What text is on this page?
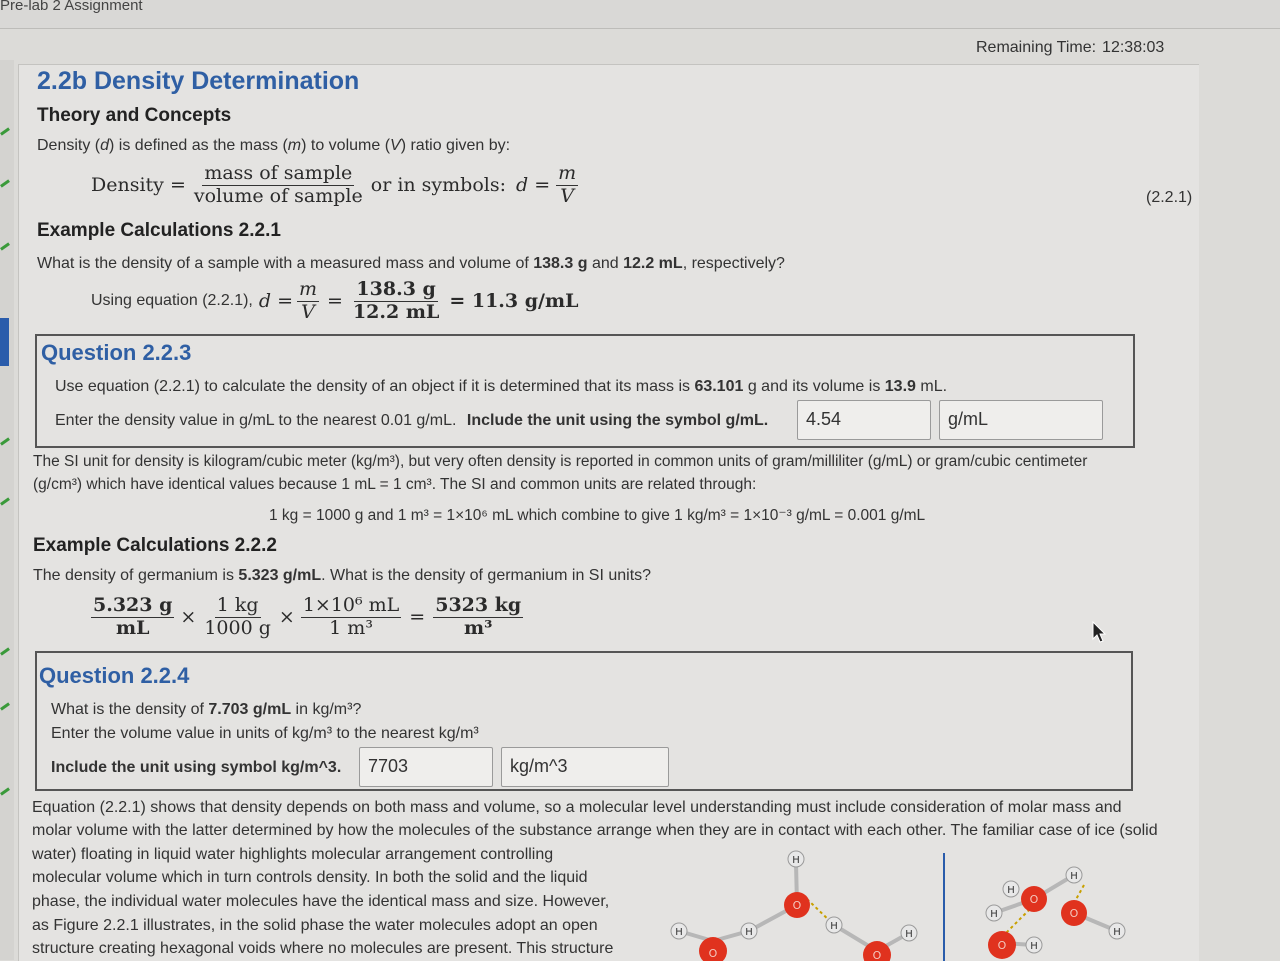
Pre-lab 2 Assignment
Remaining Time: 12:38:03
2.2b Density Determination
Theory and Concepts
Density (d) is defined as the mass (m) to volume (V) ratio given by:
Density = $\frac{\text{mass of sample}}{\text{volume of sample}}$ or in symbols: $d = \frac{m}{V}$	(2.2.1)
Example Calculations 2.2.1
What is the density of a sample with a measured mass and volume of 138.3 g and 12.2 mL, respectively?
Using equation (2.2.1), $d = \frac{m}{V} = \frac{138.3 g}{12.2 mL} = 11.3$ g/mL
Question 2.2.3
Use equation (2.2.1) to calculate the density of an object if it is determined that its mass is 63.101 g and its volume is 13.9 mL.
Enter the density value in g/mL to the nearest 0.01 g/mL. Include the unit using the symbol g/mL.	4.54	g/mL
The SI unit for density is kilogram/cubic meter (kg/m³), but very often density is reported in common units of gram/milliliter (g/mL) or gram/cubic centimeter
(g/cm³) which have identical values because 1 mL = 1 cm³. The SI and common units are related through:
1 kg = 1000 g and 1 m³ = 1×10⁶ mL which combine to give 1 kg/m³ = 1×10⁻³ g/mL = 0.001 g/mL
Example Calculations 2.2.2
The density of germanium is 5.323 g/mL. What is the density of germanium in SI units?
$\frac{5.323 g}{mL} \times \frac{1 kg}{1000 g} \times \frac{\text{1×10⁶ mL}}{\text{1 m³}} = \frac{5323 kg}{\text{m³}}$
Question 2.2.4
What is the density of 7.703 g/mL in kg/m³?
Enter the volume value in units of kg/m³ to the nearest kg/m³
Include the unit using symbol kg/m^3.	7703	kg/m^3
Equation (2.2.1) shows that density depends on both mass and volume, so a molecular level understanding must include consideration of molar mass and
molar volume with the latter determined by how the molecules of the substance arrange when they are in contact with each other. The familiar case of ice (solid
water) floating in liquid water highlights molecular arrangement controlling
molecular volume which in turn controls density. In both the solid and the liquid
phase, the individual water molecules have the identical mass and size. However,
as Figure 2.2.1 illustrates, in the solid phase the water molecules adopt an open
structure creating hexagonal voids where no molecules are present. This structure
H
H	H
H
H
H
H
H
H
H
O
O	O
O
O
O
